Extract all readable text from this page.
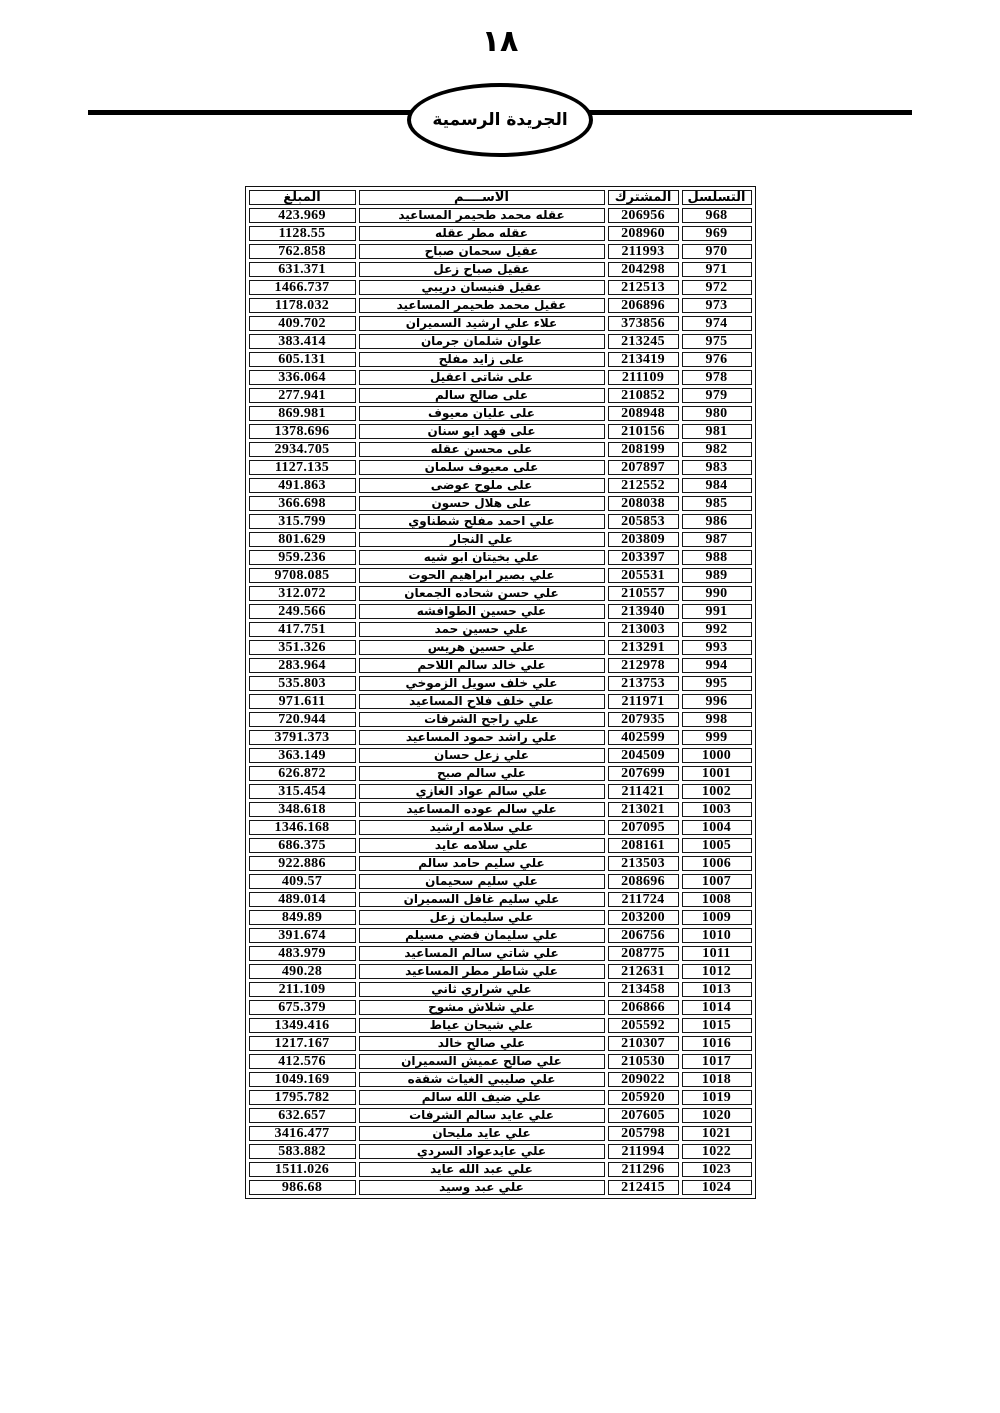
١٨
الجريدة الرسمية
التسلسل	المشترك	الاســــم	المبلغ
968	206956	عقله محمد طحيمر المساعيد	423.969
969	208960	عقله مطر عقله	1128.55
970	211993	عقيل سحمان صباح	762.858
971	204298	عقيل صباح زعل	631.371
972	212513	عقيل فنيسان دريبي	1466.737
973	206896	عقيل محمد طحيمر المساعيد	1178.032
974	373856	علاء علي ارشيد السميران	409.702
975	213245	علوان شلمان جرمان	383.414
976	213419	على زايد مفلح	605.131
978	211109	على شاتى اعقيل	336.064
979	210852	على صالح سالم	277.941
980	208948	على عليان معيوف	869.981
981	210156	على فهد ايو سنان	1378.696
982	208199	على محسن عقله	2934.705
983	207897	على معيوف سلمان	1127.135
984	212552	على ملوح عوضى	491.863
985	208038	على هلال حسون	366.698
986	205853	علي احمد مفلح شطناوي	315.799
987	203809	علي النجار	801.629
988	203397	علي بخيتان ابو شيه	959.236
989	205531	علي بصير ابراهيم الحوت	9708.085
990	210557	علي حسن شحاده الجمعان	312.072
991	213940	علي حسين الطوافشه	249.566
992	213003	علي حسين حمد	417.751
993	213291	علي حسين هريس	351.326
994	212978	علي خالد سالم اللاحم	283.964
995	213753	علي خلف سويل الزموخي	535.803
996	211971	علي خلف فلاح المساعيد	971.611
998	207935	علي راجح الشرفات	720.944
999	402599	علي راشد حمود المساعيد	3791.373
1000	204509	علي زعل حسان	363.149
1001	207699	علي سالم صبح	626.872
1002	211421	علي سالم عواد الغازي	315.454
1003	213021	علي سالم عوده المساعيد	348.618
1004	207095	علي سلامه ارشيد	1346.168
1005	208161	علي سلامه عايد	686.375
1006	213503	علي سليم حامد سالم	922.886
1007	208696	علي سليم سحيمان	409.57
1008	211724	علي سليم غافل السميران	489.014
1009	203200	علي سليمان زعل	849.89
1010	206756	علي سليمان فضي مسيلم	391.674
1011	208775	علي شاتي سالم المساعيد	483.979
1012	212631	علي شاطر مطر المساعيد	490.28
1013	213458	علي شراري ثاني	211.109
1014	206866	علي شلاش مشوح	675.379
1015	205592	علي شيحان عياط	1349.416
1016	210307	علي صالح خالد	1217.167
1017	210530	علي صالح عميش السميران	412.576
1018	209022	علي صليبي الغياث شقةه	1049.169
1019	205920	علي ضيف الله سالم	1795.782
1020	207605	علي عايد سالم الشرفات	632.657
1021	205798	علي عايد مليحان	3416.477
1022	211994	علي عايدعواد السردي	583.882
1023	211296	علي عبد الله عايد	1511.026
1024	212415	علي عبد وسيد	986.68
